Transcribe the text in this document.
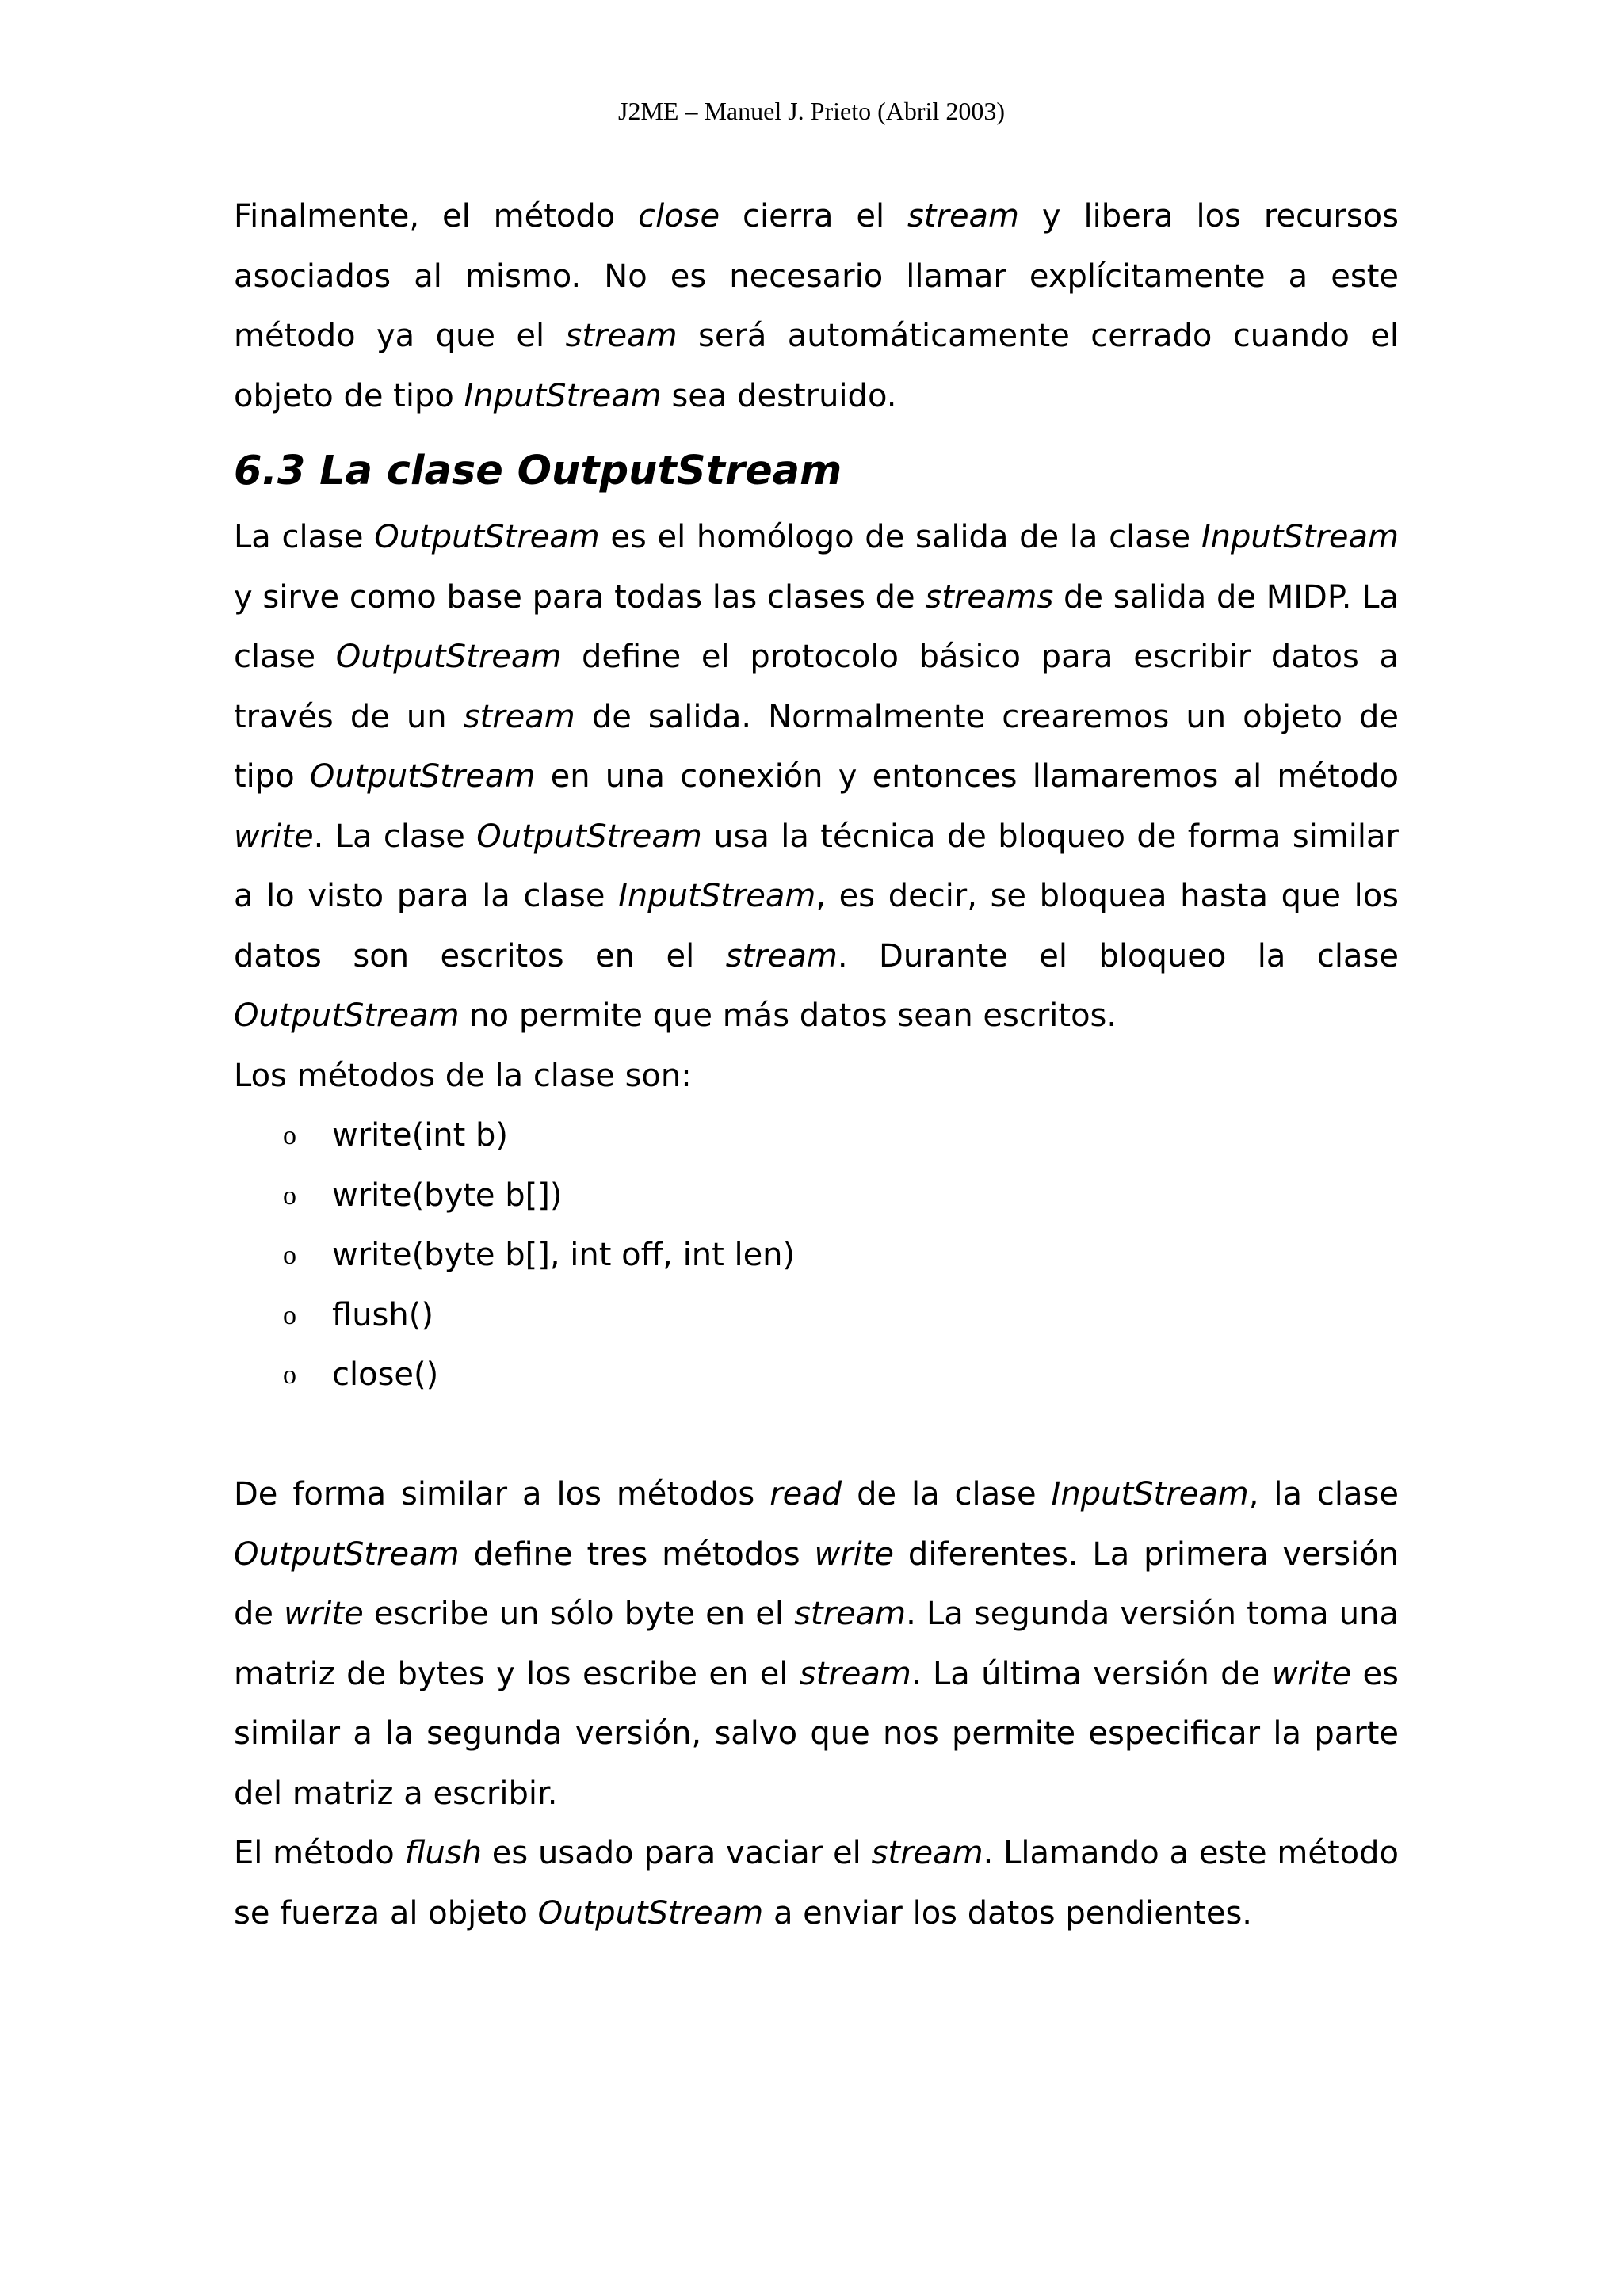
J2ME – Manuel J. Prieto (Abril 2003)

Finalmente, el método close cierra el stream y libera los recursos asociados al mismo. No es necesario llamar explícitamente a este método ya que el stream será automáticamente cerrado cuando el objeto de tipo InputStream sea destruido.

6.3 La clase OutputStream

La clase OutputStream es el homólogo de salida de la clase InputStream y sirve como base para todas las clases de streams de salida de MIDP. La clase OutputStream define el protocolo básico para escribir datos a través de un stream de salida. Normalmente crearemos un objeto de tipo OutputStream en una conexión y entonces llamaremos al método write. La clase OutputStream usa la técnica de bloqueo de forma similar a lo visto para la clase InputStream, es decir, se bloquea hasta que los datos son escritos en el stream. Durante el bloqueo la clase OutputStream no permite que más datos sean escritos.

Los métodos de la clase son:

o write(int b)
o write(byte b[])
o write(byte b[], int off, int len)
o flush()
o close()

De forma similar a los métodos read de la clase InputStream, la clase OutputStream define tres métodos write diferentes. La primera versión de write escribe un sólo byte en el stream. La segunda versión toma una matriz de bytes y los escribe en el stream. La última versión de write es similar a la segunda versión, salvo que nos permite especificar la parte del matriz a escribir.

El método flush es usado para vaciar el stream. Llamando a este método se fuerza al objeto OutputStream a enviar los datos pendientes.
